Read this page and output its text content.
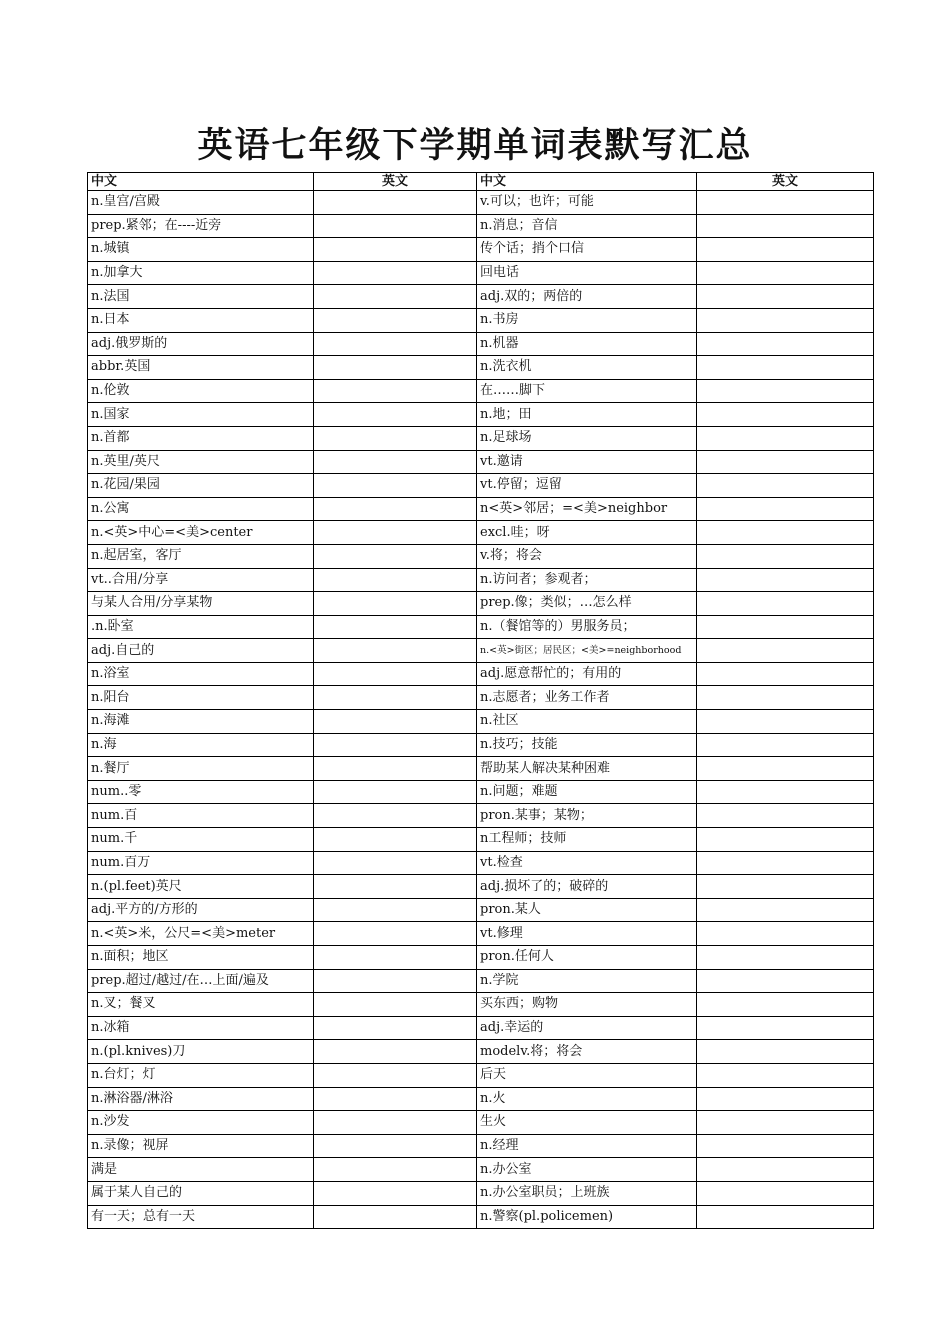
英语七年级下学期单词表默写汇总
中文	英文	中文	英文
n.皇宫/宫殿		v.可以；也许；可能	
prep.紧邻；在----近旁		n.消息；音信	
n.城镇		传个话；捎个口信	
n.加拿大		回电话	
n.法国		adj.双的；两倍的	
n.日本		n.书房	
adj.俄罗斯的		n.机器	
abbr.英国		n.洗衣机	
n.伦敦		在……脚下	
n.国家		n.地；田	
n.首都		n.足球场	
n.英里/英尺		vt.邀请	
n.花园/果园		vt.停留；逗留	
n.公寓		n<英>邻居；=<美>neighbor	
n.<英>中心=<美>center		excl.哇；呀	
n.起居室，客厅		v.将；将会	
vt..合用/分享		n.访问者；参观者；	
与某人合用/分享某物		prep.像；类似；…怎么样	
.n.卧室		n.（餐馆等的）男服务员；	
adj.自己的		n.<英>街区；居民区；<美>=neighborhood	
n.浴室		adj.愿意帮忙的；有用的	
n.阳台		n.志愿者；业务工作者	
n.海滩		n.社区	
n.海		n.技巧；技能	
n.餐厅		帮助某人解决某种困难	
num..零		n.问题；难题	
num.百		pron.某事；某物；	
num.千		n工程师；技师	
num.百万		vt.检查	
n.(pl.feet)英尺		adj.损坏了的；破碎的	
adj.平方的/方形的		pron.某人	
n.<英>米，公尺=<美>meter		vt.修理	
n.面积；地区		pron.任何人	
prep.超过/越过/在…上面/遍及		n.学院	
n.叉；餐叉		买东西；购物	
n.冰箱		adj.幸运的	
n.(pl.knives)刀		modelv.将；将会	
n.台灯；灯		后天	
n.淋浴器/淋浴		n.火	
n.沙发		生火	
n.录像；视屏		n.经理	
满是		n.办公室	
属于某人自己的		n.办公室职员；上班族	
有一天；总有一天		n.警察(pl.policemen)	
